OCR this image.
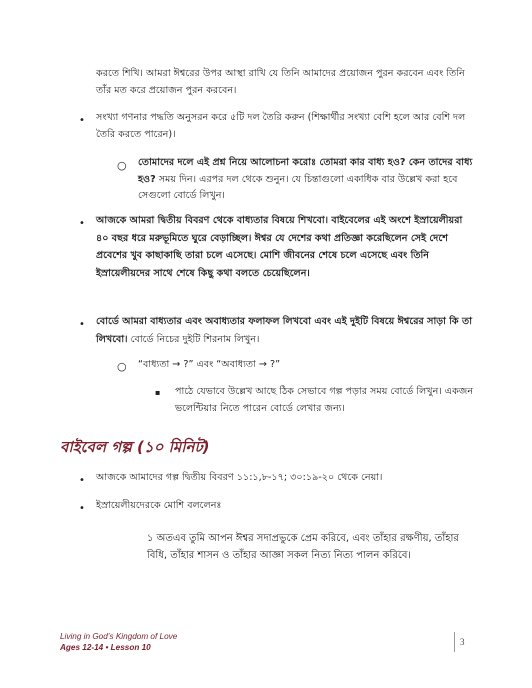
করতে শিখি। আমরা ঈশ্বরের উপর আস্থা রাখি যে তিনি আমাদের প্রয়োজন পুরন করবেন এবং তিনি তাঁর মত করে প্রয়োজন পুরন করবেন।
• সংখ্যা গণনার পদ্ধতি অনুসরন করে ৫টি দল তৈরি করুন (শিক্ষার্থীর সংখ্যা বেশি হলে আর বেশি দল তৈরি করতে পারেন)।
○ তোমাদের দলে এই প্রশ্ন নিয়ে আলোচনা করোঃ তোমরা কার বাধ্য হও? কেন তাদের বাধ্য হও? সময় দিন। এরপর দল থেকে শুনুন। যে চিন্তাগুলো একাধিক বার উল্লেখ করা হবে সেগুলো বোর্ডে লিখুন।
• আজকে আমরা দ্বিতীয় বিবরণ থেকে বাধ্যতার বিষয়ে শিখবো। বাইবেলের এই অংশে ইস্রায়েলীয়রা ৪০ বছর ধরে মরুভূমিতে ঘুরে বেড়াচ্ছিল। ঈশ্বর যে দেশের কথা প্রতিজ্ঞা করেছিলেন সেই দেশে প্রবেশের খুব কাছাকাছি তারা চলে এসেছে। মোশি জীবনের শেষে চলে এসেছে এবং তিনি ইস্রায়েলীয়দের সাথে শেষে কিছু কথা বলতে চেয়েছিলেন।
• বোর্ডে আমরা বাধ্যতার এবং অবাধ্যতার ফলাফল লিখবো এবং এই দুইটি বিষয়ে ঈশ্বরের সাড়া কি তা লিখবো। বোর্ডে নিচের দুইটি শিরনাম লিখুন।
○ “বাধ্যতা → ?” এবং “অবাধ্যতা → ?”
▪ পাঠে যেভাবে উল্লেখ আছে ঠিক সেভাবে গল্প পড়ার সময় বোর্ডে লিখুন। একজন ভলেন্টিয়ার নিতে পারেন বোর্ডে লেখার জন্য।
বাইবেল গল্প (১০ মিনিট)
• আজকে আমাদের গল্প দ্বিতীয় বিবরণ ১১:১,৮-১৭; ৩০:১৯-২০ থেকে নেয়া।
• ইস্রায়েলীয়দেরকে মোশি বললেনঃ
১ অতএব তুমি আপন ঈশ্বর সদাপ্রভুকে প্রেম করিবে, এবং তাঁহার রক্ষণীয়, তাঁহার বিধি, তাঁহার শাসন ও তাঁহার আজ্ঞা সকল নিত্য নিত্য পালন করিবে।
Living in God’s Kingdom of Love
Ages 12-14 • Lesson 10
3
